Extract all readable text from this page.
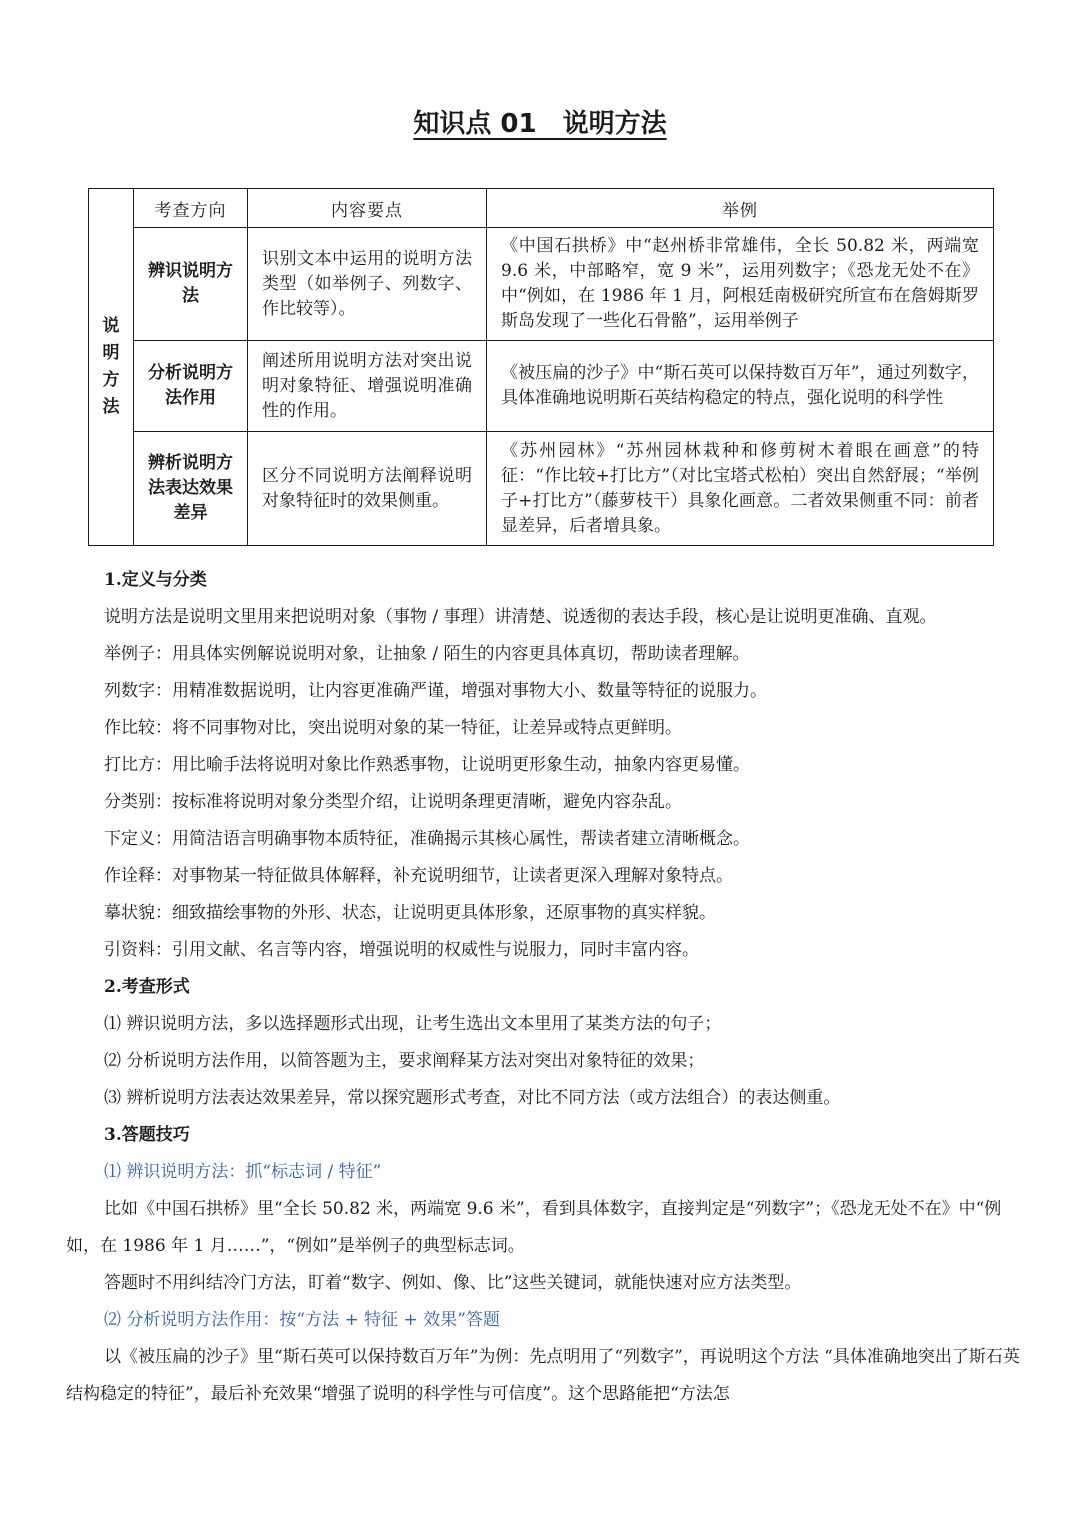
知识点 01　说明方法
说明方法	考查方向	内容要点	举例
	辨识说明方法	识别文本中运用的说明方法类型（如举例子、列数字、作比较等）。	《中国石拱桥》中“赵州桥非常雄伟，全长 50.82 米，两端宽 9.6 米，中部略窄，宽 9 米”，运用列数字；《恐龙无处不在》中“例如，在 1986 年 1 月，阿根廷南极研究所宣布在詹姆斯罗斯岛发现了一些化石骨骼”，运用举例子
	分析说明方法作用	阐述所用说明方法对突出说明对象特征、增强说明准确性的作用。	《被压扁的沙子》中“斯石英可以保持数百万年”，通过列数字，具体准确地说明斯石英结构稳定的特点，强化说明的科学性
	辨析说明方法表达效果差异	区分不同说明方法阐释说明对象特征时的效果侧重。	《苏州园林》“苏州园林栽种和修剪树木着眼在画意”的特征：“作比较+打比方”（对比宝塔式松柏）突出自然舒展；“举例子+打比方”（藤萝枝干）具象化画意。二者效果侧重不同：前者显差异，后者增具象。

1.定义与分类

说明方法是说明文里用来把说明对象（事物 / 事理）讲清楚、说透彻的表达手段，核心是让说明更准确、直观。

举例子：用具体实例解说说明对象，让抽象 / 陌生的内容更具体真切，帮助读者理解。

列数字：用精准数据说明，让内容更准确严谨，增强对事物大小、数量等特征的说服力。

作比较：将不同事物对比，突出说明对象的某一特征，让差异或特点更鲜明。

打比方：用比喻手法将说明对象比作熟悉事物，让说明更形象生动，抽象内容更易懂。

分类别：按标准将说明对象分类型介绍，让说明条理更清晰，避免内容杂乱。

下定义：用简洁语言明确事物本质特征，准确揭示其核心属性，帮读者建立清晰概念。

作诠释：对事物某一特征做具体解释，补充说明细节，让读者更深入理解对象特点。

摹状貌：细致描绘事物的外形、状态，让说明更具体形象，还原事物的真实样貌。

引资料：引用文献、名言等内容，增强说明的权威性与说服力，同时丰富内容。

2.考查形式

⑴ 辨识说明方法，多以选择题形式出现，让考生选出文本里用了某类方法的句子；

⑵ 分析说明方法作用，以简答题为主，要求阐释某方法对突出对象特征的效果；

⑶ 辨析说明方法表达效果差异，常以探究题形式考查，对比不同方法（或方法组合）的表达侧重。

3.答题技巧

⑴ 辨识说明方法：抓“标志词 / 特征”

比如《中国石拱桥》里“全长 50.82 米，两端宽 9.6 米”，看到具体数字，直接判定是“列数字”；《恐龙无处不在》中“例如，在 1986 年 1 月……”，“例如”是举例子的典型标志词。

答题时不用纠结冷门方法，盯着“数字、例如、像、比”这些关键词，就能快速对应方法类型。

⑵ 分析说明方法作用：按“方法 + 特征 + 效果”答题

以《被压扁的沙子》里“斯石英可以保持数百万年”为例：先点明用了“列数字”，再说明这个方法 “具体准确地突出了斯石英结构稳定的特征”，最后补充效果“增强了说明的科学性与可信度”。这个思路能把“方法怎
